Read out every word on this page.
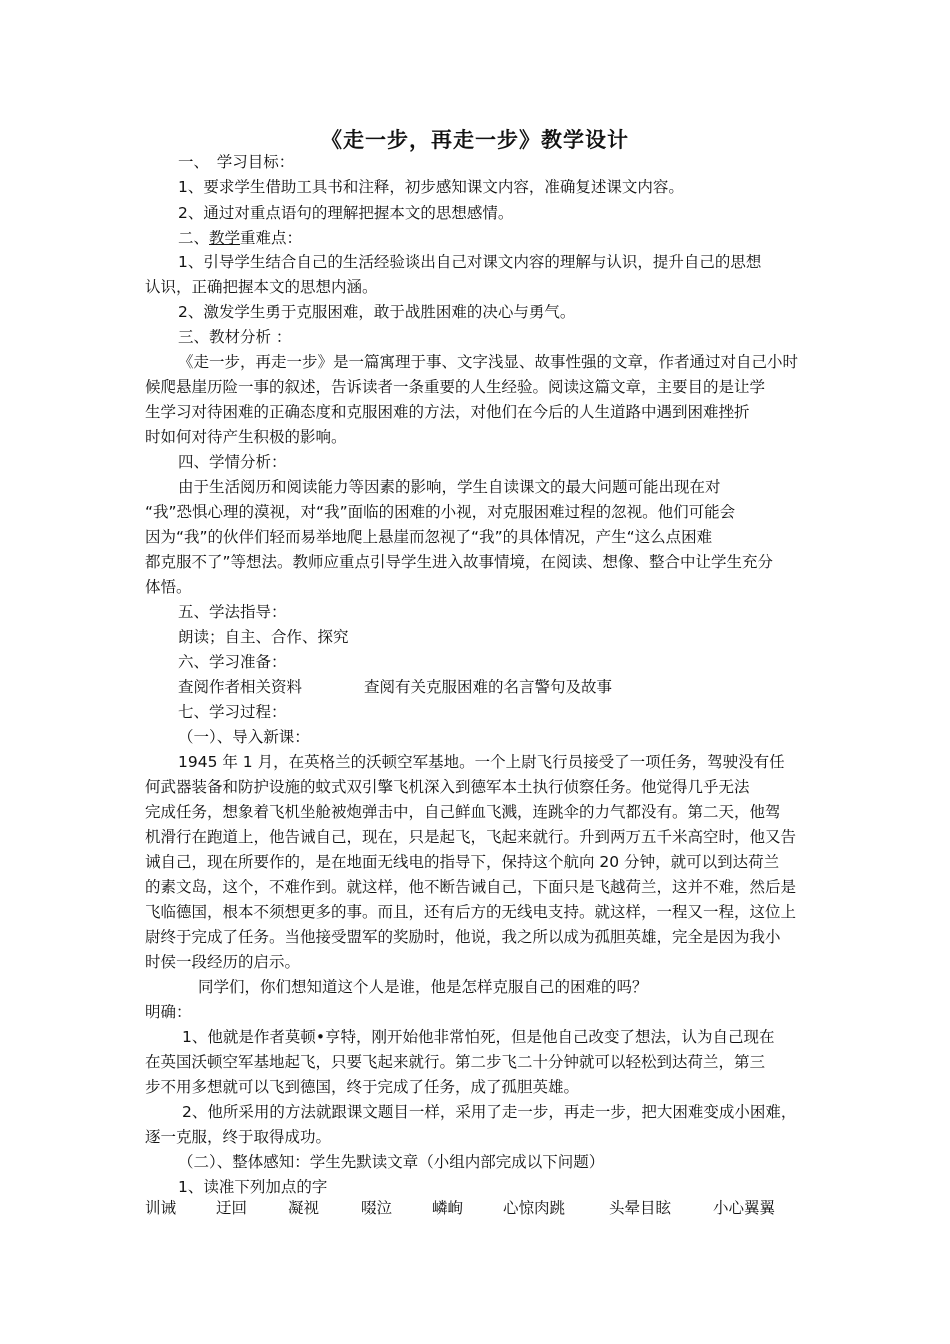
《走一步，再走一步》教学设计
一、　学习目标：
1、要求学生借助工具书和注释，初步感知课文内容，准确复述课文内容。
2、通过对重点语句的理解把握本文的思想感情。
二、教学重难点：
1、引导学生结合自己的生活经验谈出自己对课文内容的理解与认识，提升自己的思想
认识，正确把握本文的思想内涵。
2、激发学生勇于克服困难，敢于战胜困难的决心与勇气。
三、教材分析 ：
《走一步，再走一步》是一篇寓理于事、文字浅显、故事性强的文章，作者通过对自己小时
候爬悬崖历险一事的叙述，告诉读者一条重要的人生经验。阅读这篇文章，主要目的是让学
生学习对待困难的正确态度和克服困难的方法，对他们在今后的人生道路中遇到困难挫折
时如何对待产生积极的影响。
四、学情分析：
由于生活阅历和阅读能力等因素的影响，学生自读课文的最大问题可能出现在对
“我”恐惧心理的漠视，对“我”面临的困难的小视，对克服困难过程的忽视。他们可能会
因为“我”的伙伴们轻而易举地爬上悬崖而忽视了“我”的具体情况，产生“这么点困难
都克服不了”等想法。教师应重点引导学生进入故事情境，在阅读、想像、整合中让学生充分
体悟。
五、学法指导：
朗读；自主、合作、探究
六、学习准备：
查阅作者相关资料　　　　查阅有关克服困难的名言警句及故事
七、学习过程：
（一）、导入新课：
1945 年 1 月，在英格兰的沃顿空军基地。一个上尉飞行员接受了一项任务，驾驶没有任
何武器装备和防护设施的蚊式双引擎飞机深入到德军本土执行侦察任务。他觉得几乎无法
完成任务，想象着飞机坐舱被炮弹击中，自己鲜血飞溅，连跳伞的力气都没有。第二天，他驾
机滑行在跑道上，他告诫自己，现在，只是起飞，飞起来就行。升到两万五千米高空时，他又告
诫自己，现在所要作的，是在地面无线电的指导下，保持这个航向 20 分钟，就可以到达荷兰
的素文岛，这个，不难作到。就这样，他不断告诫自己，下面只是飞越荷兰，这并不难，然后是
飞临德国，根本不须想更多的事。而且，还有后方的无线电支持。就这样，一程又一程，这位上
尉终于完成了任务。当他接受盟军的奖励时，他说，我之所以成为孤胆英雄，完全是因为我小
时侯一段经历的启示。
同学们，你们想知道这个人是谁，他是怎样克服自己的困难的吗？
明确：
1、他就是作者莫顿•亨特，刚开始他非常怕死，但是他自己改变了想法，认为自己现在
在英国沃顿空军基地起飞，只要飞起来就行。第二步飞二十分钟就可以轻松到达荷兰，第三
步不用多想就可以飞到德国，终于完成了任务，成了孤胆英雄。
2、他所采用的方法就跟课文题目一样，采用了走一步，再走一步，把大困难变成小困难，
逐一克服，终于取得成功。
（二）、整体感知：学生先默读文章（小组内部完成以下问题）
1、读准下列加点的字
训诫	迂回	凝视	啜泣	嶙峋	心惊肉跳	头晕目眩	小心翼翼
